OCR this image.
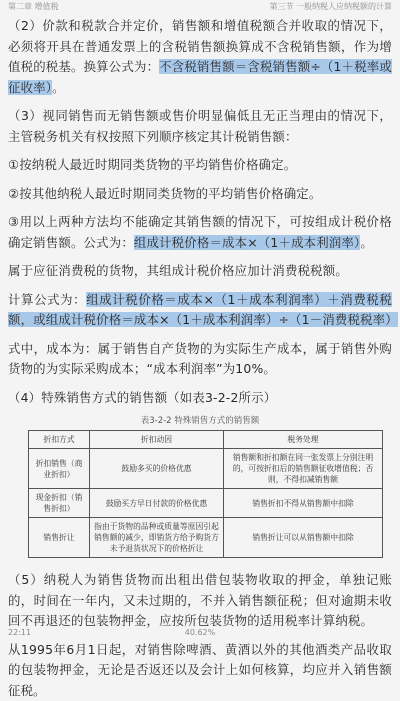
第二章 增值税	第三节 一般纳税人应纳税额的计算

（2）价款和税款合并定价，销售额和增值税额合并收取的情况下，必须将开具在普通发票上的含税销售额换算成不含税销售额，作为增值税的税基。换算公式为：不含税销售额＝含税销售额÷（1＋税率或征收率）。

（3）视同销售而无销售额或售价明显偏低且无正当理由的情况下，主管税务机关有权按照下列顺序核定其计税销售额：

①按纳税人最近时期同类货物的平均销售价格确定。

②按其他纳税人最近时期同类货物的平均销售价格确定。

③用以上两种方法均不能确定其销售额的情况下，可按组成计税价格确定销售额。公式为：组成计税价格＝成本×（1＋成本利润率）。

属于应征消费税的货物，其组成计税价格应加计消费税税额。

计算公式为：组成计税价格＝成本×（1＋成本利润率）＋消费税税额，或组成计税价格＝成本×（1＋成本利润率）÷（1－消费税税率）

式中，成本为：属于销售自产货物的为实际生产成本，属于销售外购货物的为实际采购成本；“成本利润率”为10%。

（4）特殊销售方式的销售额（如表3-2-2所示）

表3-2-2 特殊销售方式的销售额
折扣方式	折扣动因	税务处理
折扣销售（商业折扣）	鼓励多买的价格优惠	销售额和折扣额在同一张发票上分别注明的，可按折扣后的销售额征收增值税；否则，不得扣减销售额
现金折扣（销售折扣）	鼓励买方早日付款的价格优惠	销售折扣不得从销售额中扣除
销售折让	指由于货物的品种或质量等原因引起销售额的减少，即销货方给予购货方未予退货状况下的价格折让	销售折让可以从销售额中扣除

（5）纳税人为销售货物而出租出借包装物收取的押金，单独记账的，时间在一年内，又未过期的，不并入销售额征税；但对逾期未收回不再退还的包装物押金，应按所包装货物的适用税率计算纳税。

从1995年6月1日起，对销售除啤酒、黄酒以外的其他酒类产品收取的包装物押金，无论是否返还以及会计上如何核算，均应并入销售额征税。

22:11	40.62%
